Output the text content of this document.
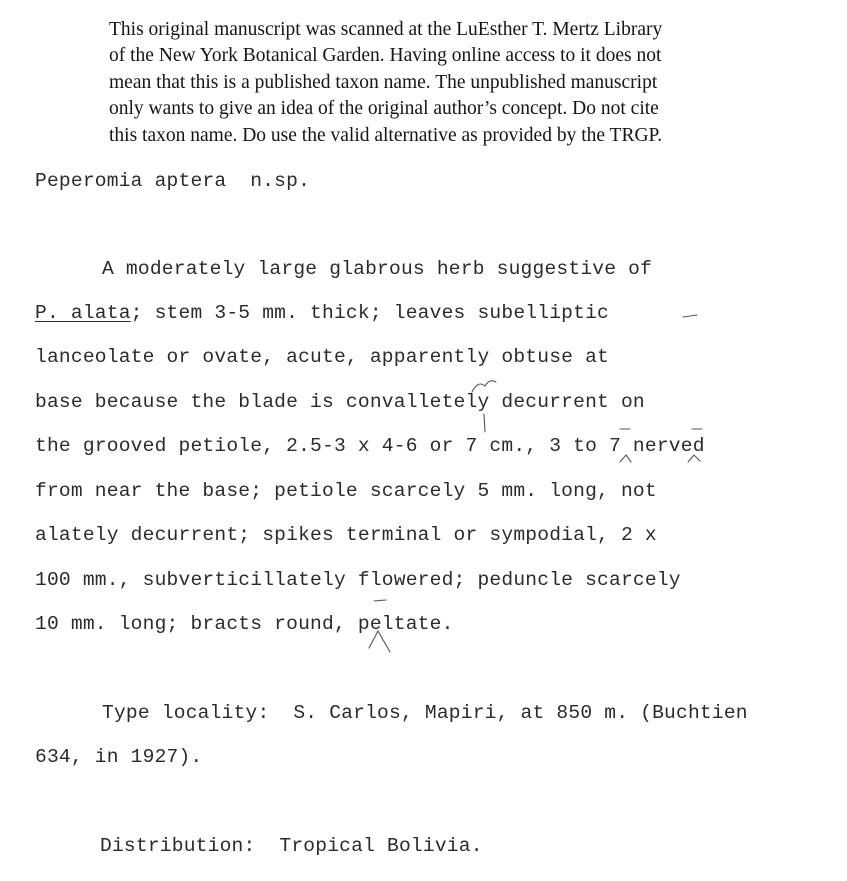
This original manuscript was scanned at the LuEsther T. Mertz Library
of the New York Botanical Garden. Having online access to it does not
mean that this is a published taxon name. The unpublished manuscript
only wants to give an idea of the original author’s concept. Do not cite
this taxon name. Do use the valid alternative as provided by the TRGP.
Peperomia aptera n.sp.
A moderately large glabrous herb suggestive of
P. alata; stem 3-5 mm. thick; leaves subelliptic
lanceolate or ovate, acute, apparently obtuse at
base because the blade is convalletely decurrent on
the grooved petiole, 2.5-3 x 4-6 or 7 cm., 3 to 7 nerved
from near the base; petiole scarcely 5 mm. long, not
alately decurrent; spikes terminal or sympodial, 2 x
100 mm., subverticillately flowered; peduncle scarcely
10 mm. long; bracts round, peltate.
Type locality:  S. Carlos, Mapiri, at 850 m. (Buchtien
634, in 1927).
Distribution:  Tropical Bolivia.
